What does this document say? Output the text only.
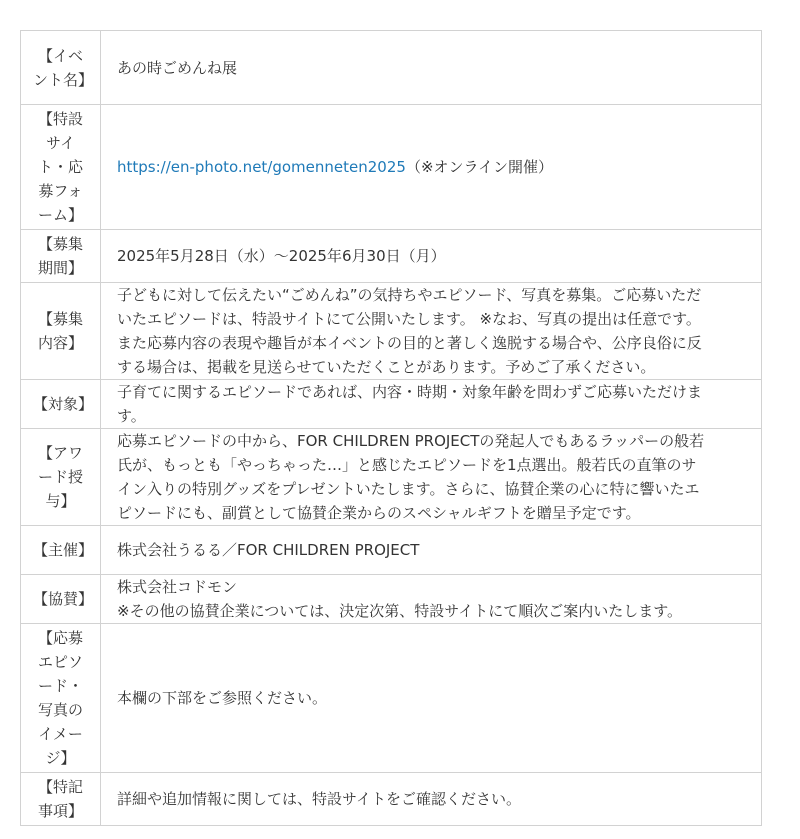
【イベント名】	あの時ごめんね展
【特設サイト・応募フォーム】	https://en-photo.net/gomenneten2025（※オンライン開催）
【募集期間】	2025年5月28日（水）～2025年6月30日（月）
【募集内容】	子どもに対して伝えたい“ごめんね”の気持ちやエピソード、写真を募集。ご応募いただ
いたエピソードは、特設サイトにて公開いたします。 ※なお、写真の提出は任意です。
また応募内容の表現や趣旨が本イベントの目的と著しく逸脱する場合や、公序良俗に反
する場合は、掲載を見送らせていただくことがあります。予めご了承ください。

【対象】	子育てに関するエピソードであれば、内容・時期・対象年齢を問わずご応募いただけま
す。

【アワード授与】	応募エピソードの中から、FOR CHILDREN PROJECTの発起人でもあるラッパーの般若
氏が、もっとも「やっちゃった…」と感じたエピソードを1点選出。般若氏の直筆のサ
イン入りの特別グッズをプレゼントいたします。さらに、協賛企業の心に特に響いたエ
ピソードにも、副賞として協賛企業からのスペシャルギフトを贈呈予定です。

【主催】	株式会社うるる／FOR CHILDREN PROJECT
【協賛】	株式会社コドモン
※その他の協賛企業については、決定次第、特設サイトにて順次ご案内いたします。

【応募エピソード・写真のイメージ】	本欄の下部をご参照ください。
【特記事項】	詳細や追加情報に関しては、特設サイトをご確認ください。
